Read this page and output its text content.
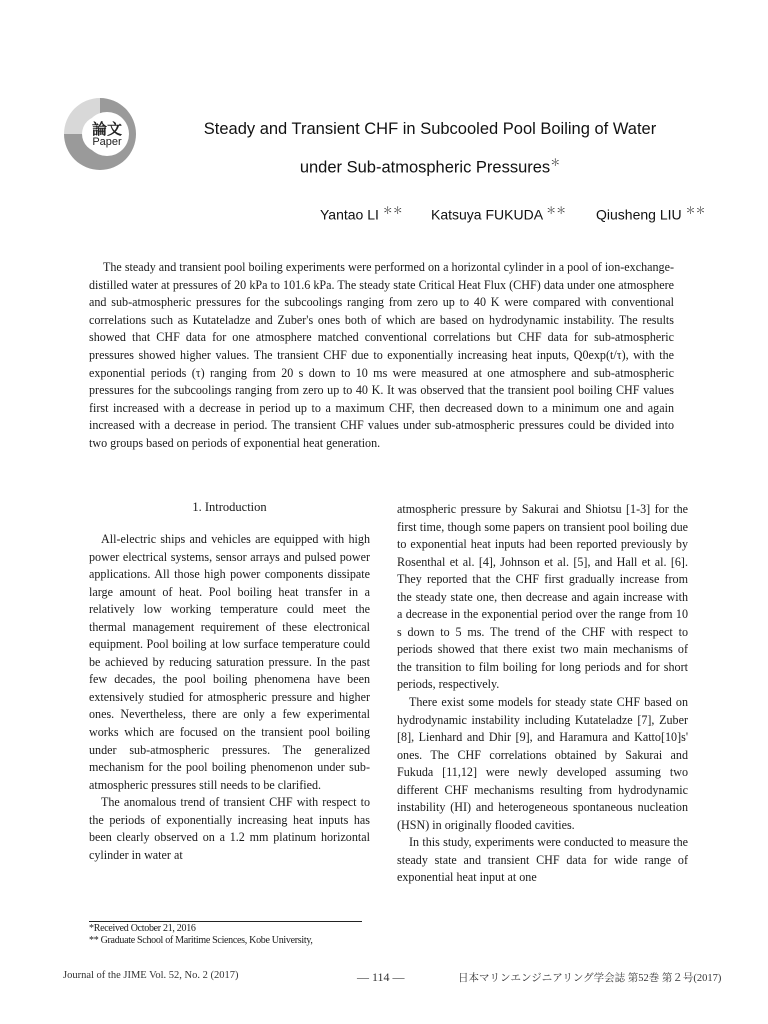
論文
Paper
Steady and Transient CHF in Subcooled Pool Boiling of Water
under Sub-atmospheric Pressures＊
Yantao LI ＊＊ Katsuya FUKUDA ＊＊ Qiusheng LIU ＊＊

The steady and transient pool boiling experiments were performed on a horizontal cylinder in a pool of ion-exchange-distilled water at pressures of 20 kPa to 101.6 kPa. The steady state Critical Heat Flux (CHF) data under one atmosphere and sub-atmospheric pressures for the subcoolings ranging from zero up to 40 K were compared with conventional correlations such as Kutateladze and Zuber's ones both of which are based on hydrodynamic instability. The results showed that CHF data for one atmosphere matched conventional correlations but CHF data for sub-atmospheric pressures showed higher values. The transient CHF due to exponentially increasing heat inputs, Q0exp(t/τ), with the exponential periods (τ) ranging from 20 s down to 10 ms were measured at one atmosphere and sub-atmospheric pressures for the subcoolings ranging from zero up to 40 K. It was observed that the transient pool boiling CHF values first increased with a decrease in period up to a maximum CHF, then decreased down to a minimum one and again increased with a decrease in period. The transient CHF values under sub-atmospheric pressures could be divided into two groups based on periods of exponential heat generation.

1. Introduction

All-electric ships and vehicles are equipped with high power electrical systems, sensor arrays and pulsed power applications. All those high power components dissipate large amount of heat. Pool boiling heat transfer in a relatively low working temperature could meet the thermal management requirement of these electronical equipment. Pool boiling at low surface temperature could be achieved by reducing saturation pressure. In the past few decades, the pool boiling phenomena have been extensively studied for atmospheric pressure and higher ones. Nevertheless, there are only a few experimental works which are focused on the transient pool boiling under sub-atmospheric pressures. The generalized mechanism for the pool boiling phenomenon under sub-atmospheric pressures still needs to be clarified.

The anomalous trend of transient CHF with respect to the periods of exponentially increasing heat inputs has been clearly observed on a 1.2 mm platinum horizontal cylinder in water at

atmospheric pressure by Sakurai and Shiotsu [1-3] for the first time, though some papers on transient pool boiling due to exponential heat inputs had been reported previously by Rosenthal et al. [4], Johnson et al. [5], and Hall et al. [6]. They reported that the CHF first gradually increase from the steady state one, then decrease and again increase with a decrease in the exponential period over the range from 10 s down to 5 ms. The trend of the CHF with respect to periods showed that there exist two main mechanisms of the transition to film boiling for long periods and for short periods, respectively.

There exist some models for steady state CHF based on hydrodynamic instability including Kutateladze [7], Zuber [8], Lienhard and Dhir [9], and Haramura and Katto[10]s' ones. The CHF correlations obtained by Sakurai and Fukuda [11,12] were newly developed assuming two different CHF mechanisms resulting from hydrodynamic instability (HI) and heterogeneous spontaneous nucleation (HSN) in originally flooded cavities.

In this study, experiments were conducted to measure the steady state and transient CHF data for wide range of exponential heat input at one

*Received October 21, 2016
** Graduate School of Maritime Sciences, Kobe University,
Journal of the JIME Vol. 52, No. 2 (2017)	— 114 —	日本マリンエンジニアリング学会誌 第52巻 第２号(2017)
